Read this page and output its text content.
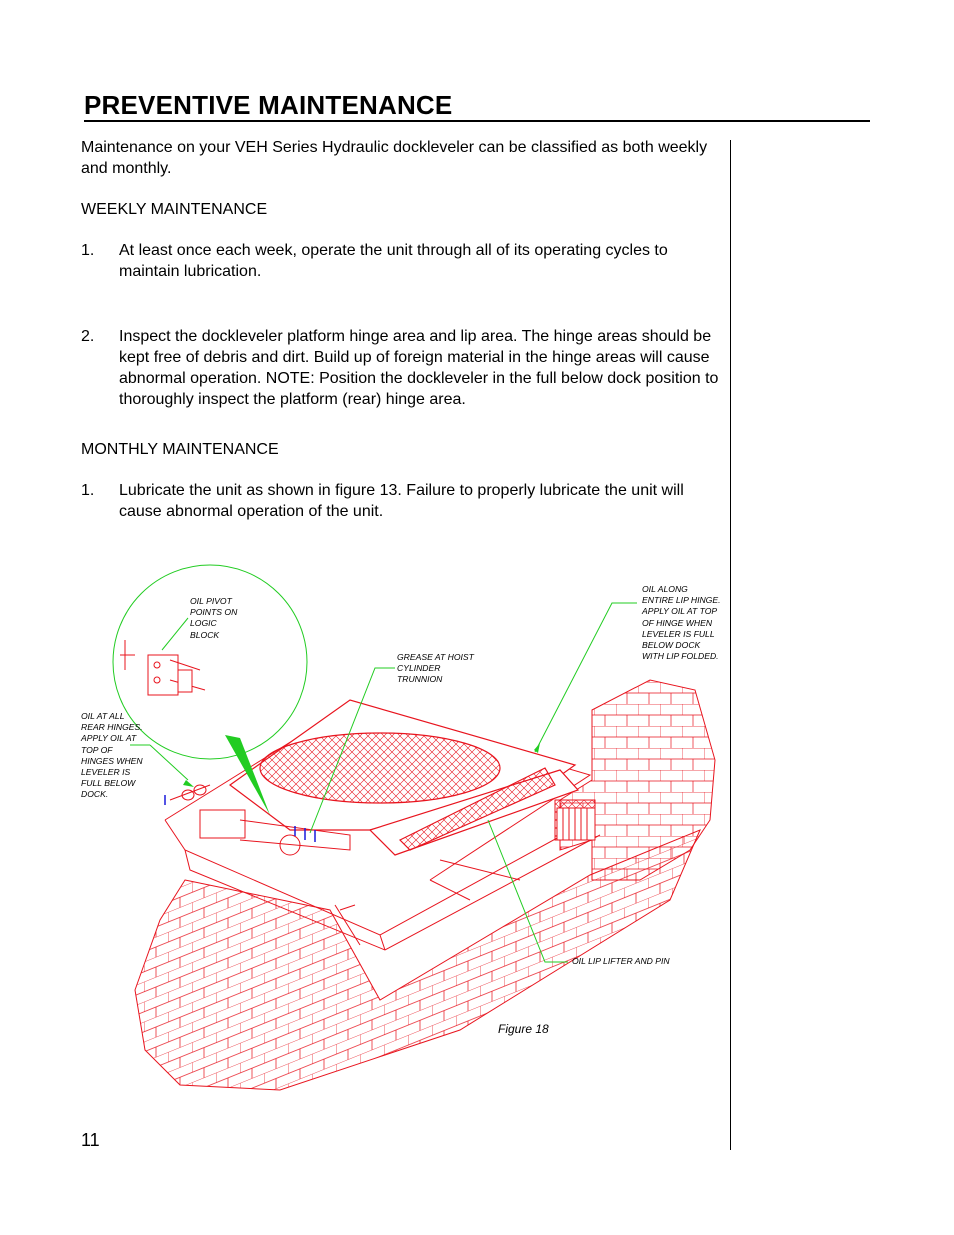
PREVENTIVE MAINTENANCE

Maintenance on your VEH Series Hydraulic dockleveler can be classified as both weekly and monthly.

WEEKLY MAINTENANCE

1. At least once each week, operate the unit through all of its operating cycles to maintain lubrication.

2. Inspect the dockleveler platform hinge area and lip area. The hinge areas should be kept free of debris and dirt. Build up of foreign material in the hinge areas will cause abnormal operation. NOTE: Position the dockleveler in the full below dock position to thoroughly inspect the platform (rear) hinge area.

MONTHLY MAINTENANCE

1. Lubricate the unit as shown in figure 13. Failure to properly lubricate the unit will cause abnormal operation of the unit.

OIL PIVOT
POINTS ON
LOGIC
BLOCK
GREASE AT HOIST
CYLINDER
TRUNNION
OIL ALONG
ENTIRE LIP HINGE.
APPLY OIL AT TOP
OF HINGE WHEN
LEVELER IS FULL
BELOW DOCK
WITH LIP FOLDED.
OIL AT ALL
REAR HINGES.
APPLY OIL AT
TOP OF
HINGES WHEN
LEVELER IS
FULL BELOW
DOCK.
OIL LIP LIFTER AND PIN
Figure 18
11
